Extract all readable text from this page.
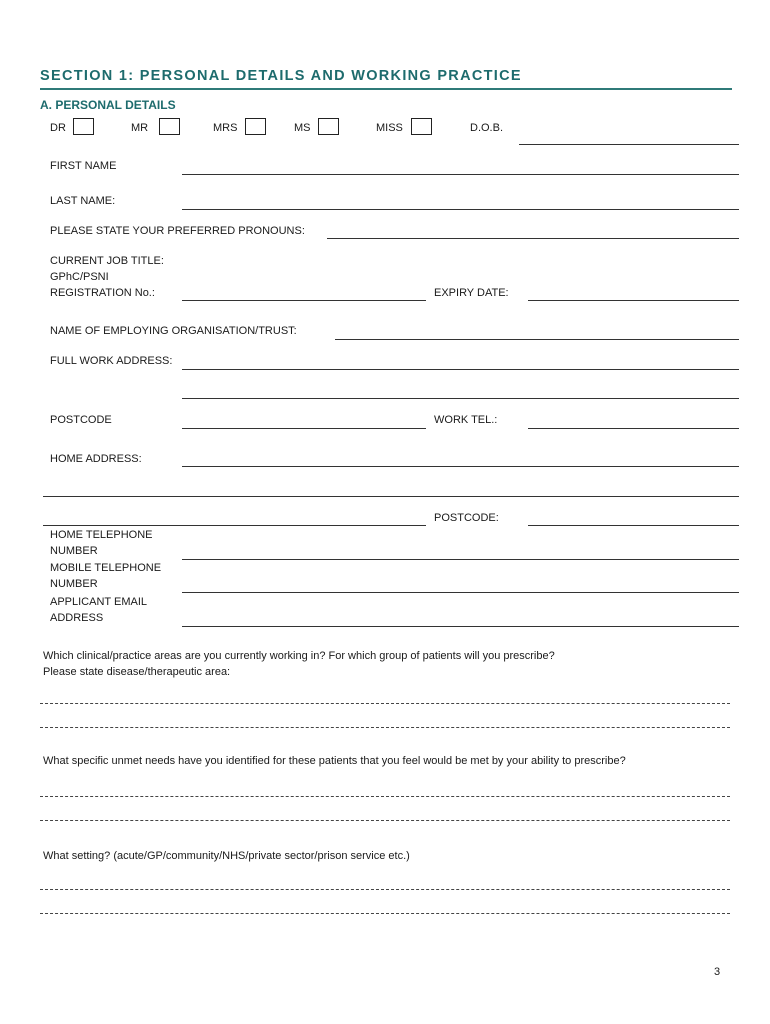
SECTION 1: PERSONAL DETAILS AND WORKING PRACTICE
A. PERSONAL DETAILS
DR	MR	MRS	MS	MISS	D.O.B.
FIRST NAME
LAST NAME:
PLEASE STATE YOUR PREFERRED PRONOUNS:
CURRENT JOB TITLE:
GPhC/PSNI
REGISTRATION No.:	EXPIRY DATE:
NAME OF EMPLOYING ORGANISATION/TRUST:
FULL WORK ADDRESS:
POSTCODE	WORK TEL.:
HOME ADDRESS:
POSTCODE:
HOME TELEPHONE
NUMBER
MOBILE TELEPHONE
NUMBER
APPLICANT EMAIL
ADDRESS
Which clinical/practice areas are you currently working in? For which group of patients will you prescribe?
Please state disease/therapeutic area:
What specific unmet needs have you identified for these patients that you feel would be met by your ability to prescribe?
What setting? (acute/GP/community/NHS/private sector/prison service etc.)
3
